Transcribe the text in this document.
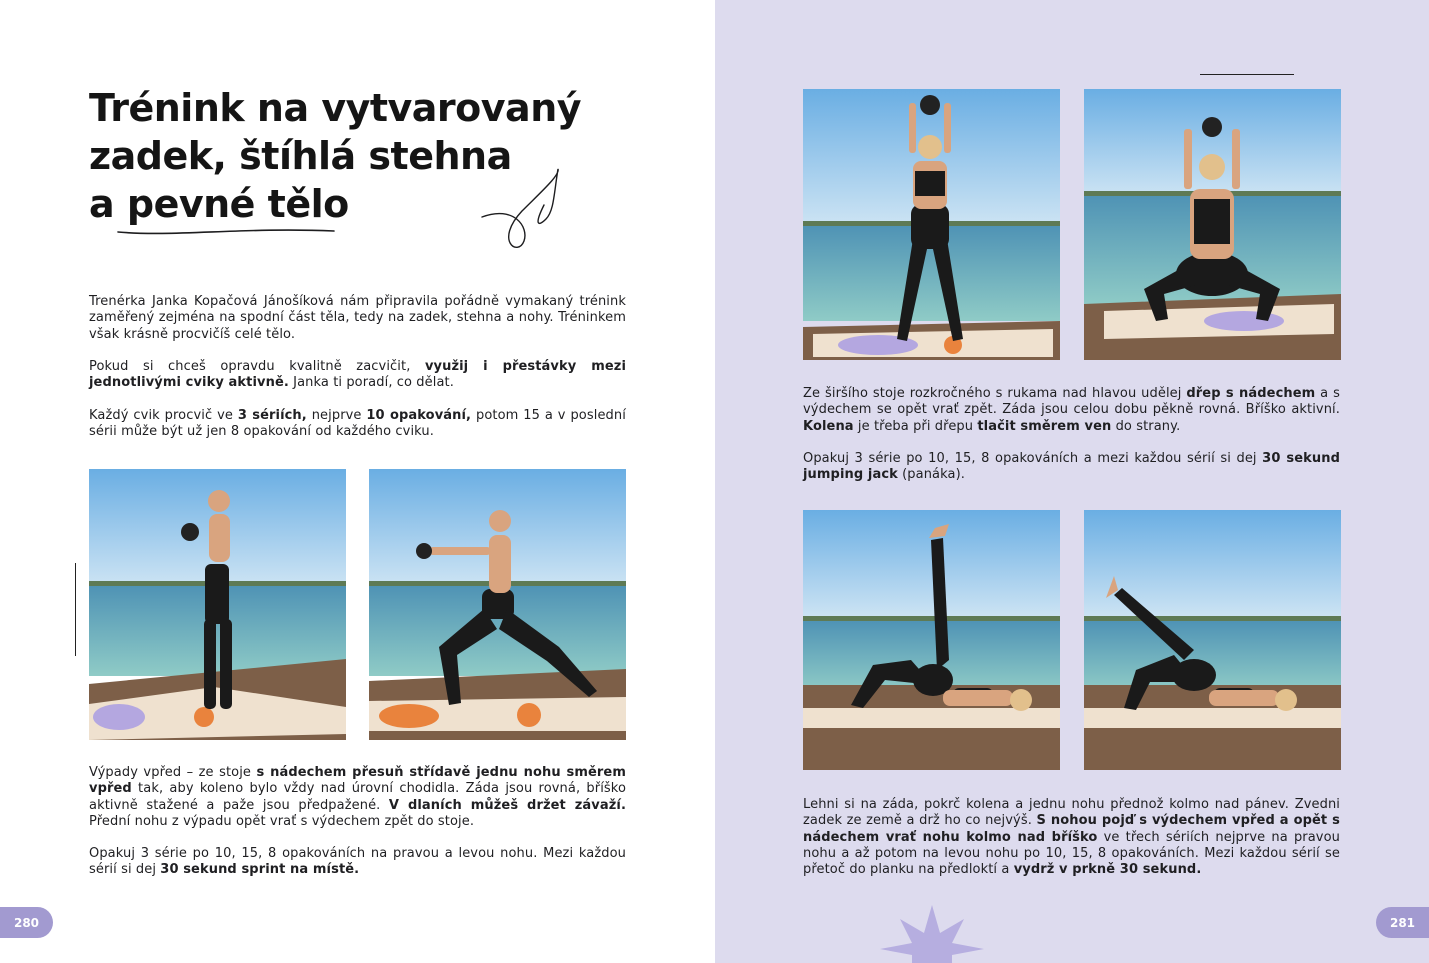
Trénink na vytvarovaný
zadek, štíhlá stehna
a pevné tělo

Trenérka Janka Kopačová Jánošíková nám připravila pořádně vymakaný trénink zaměřený zejména na spodní část těla, tedy na zadek, stehna a nohy. Tréninkem však krásně procvičíš celé tělo.

Pokud si chceš opravdu kvalitně zacvičit, využij i přestávky mezi jednotlivými cviky aktivně. Janka ti poradí, co dělat.

Každý cvik procvič ve 3 sériích, nejprve 10 opakování, potom 15 a v poslední sérii může být už jen 8 opakování od každého cviku.

Výpady vpřed – ze stoje s nádechem přesuň střídavě jednu nohu směrem vpřed tak, aby koleno bylo vždy nad úrovní chodidla. Záda jsou rovná, bříško aktivně stažené a paže jsou předpažené. V dlaních můžeš držet závaží. Přední nohu z výpadu opět vrať s výdechem zpět do stoje.

Opakuj 3 série po 10, 15, 8 opakováních na pravou a levou nohu. Mezi každou sérií si dej 30 sekund sprint na místě.

280

Ze širšího stoje rozkročného s rukama nad hlavou udělej dřep s nádechem a s výdechem se opět vrať zpět. Záda jsou celou dobu pěkně rovná. Bříško aktivní. Kolena je třeba při dřepu tlačit směrem ven do strany.

Opakuj 3 série po 10, 15, 8 opakováních a mezi každou sérií si dej 30 sekund jumping jack (panáka).

Lehni si na záda, pokrč kolena a jednu nohu přednož kolmo nad pánev. Zvedni zadek ze země a drž ho co nejvýš. S nohou pojď s výdechem vpřed a opět s nádechem vrať nohu kolmo nad bříško ve třech sériích nejprve na pravou nohu a až potom na levou nohu po 10, 15, 8 opakováních. Mezi každou sérií se přetoč do planku na předloktí a vydrž v prkně 30 sekund.

281
